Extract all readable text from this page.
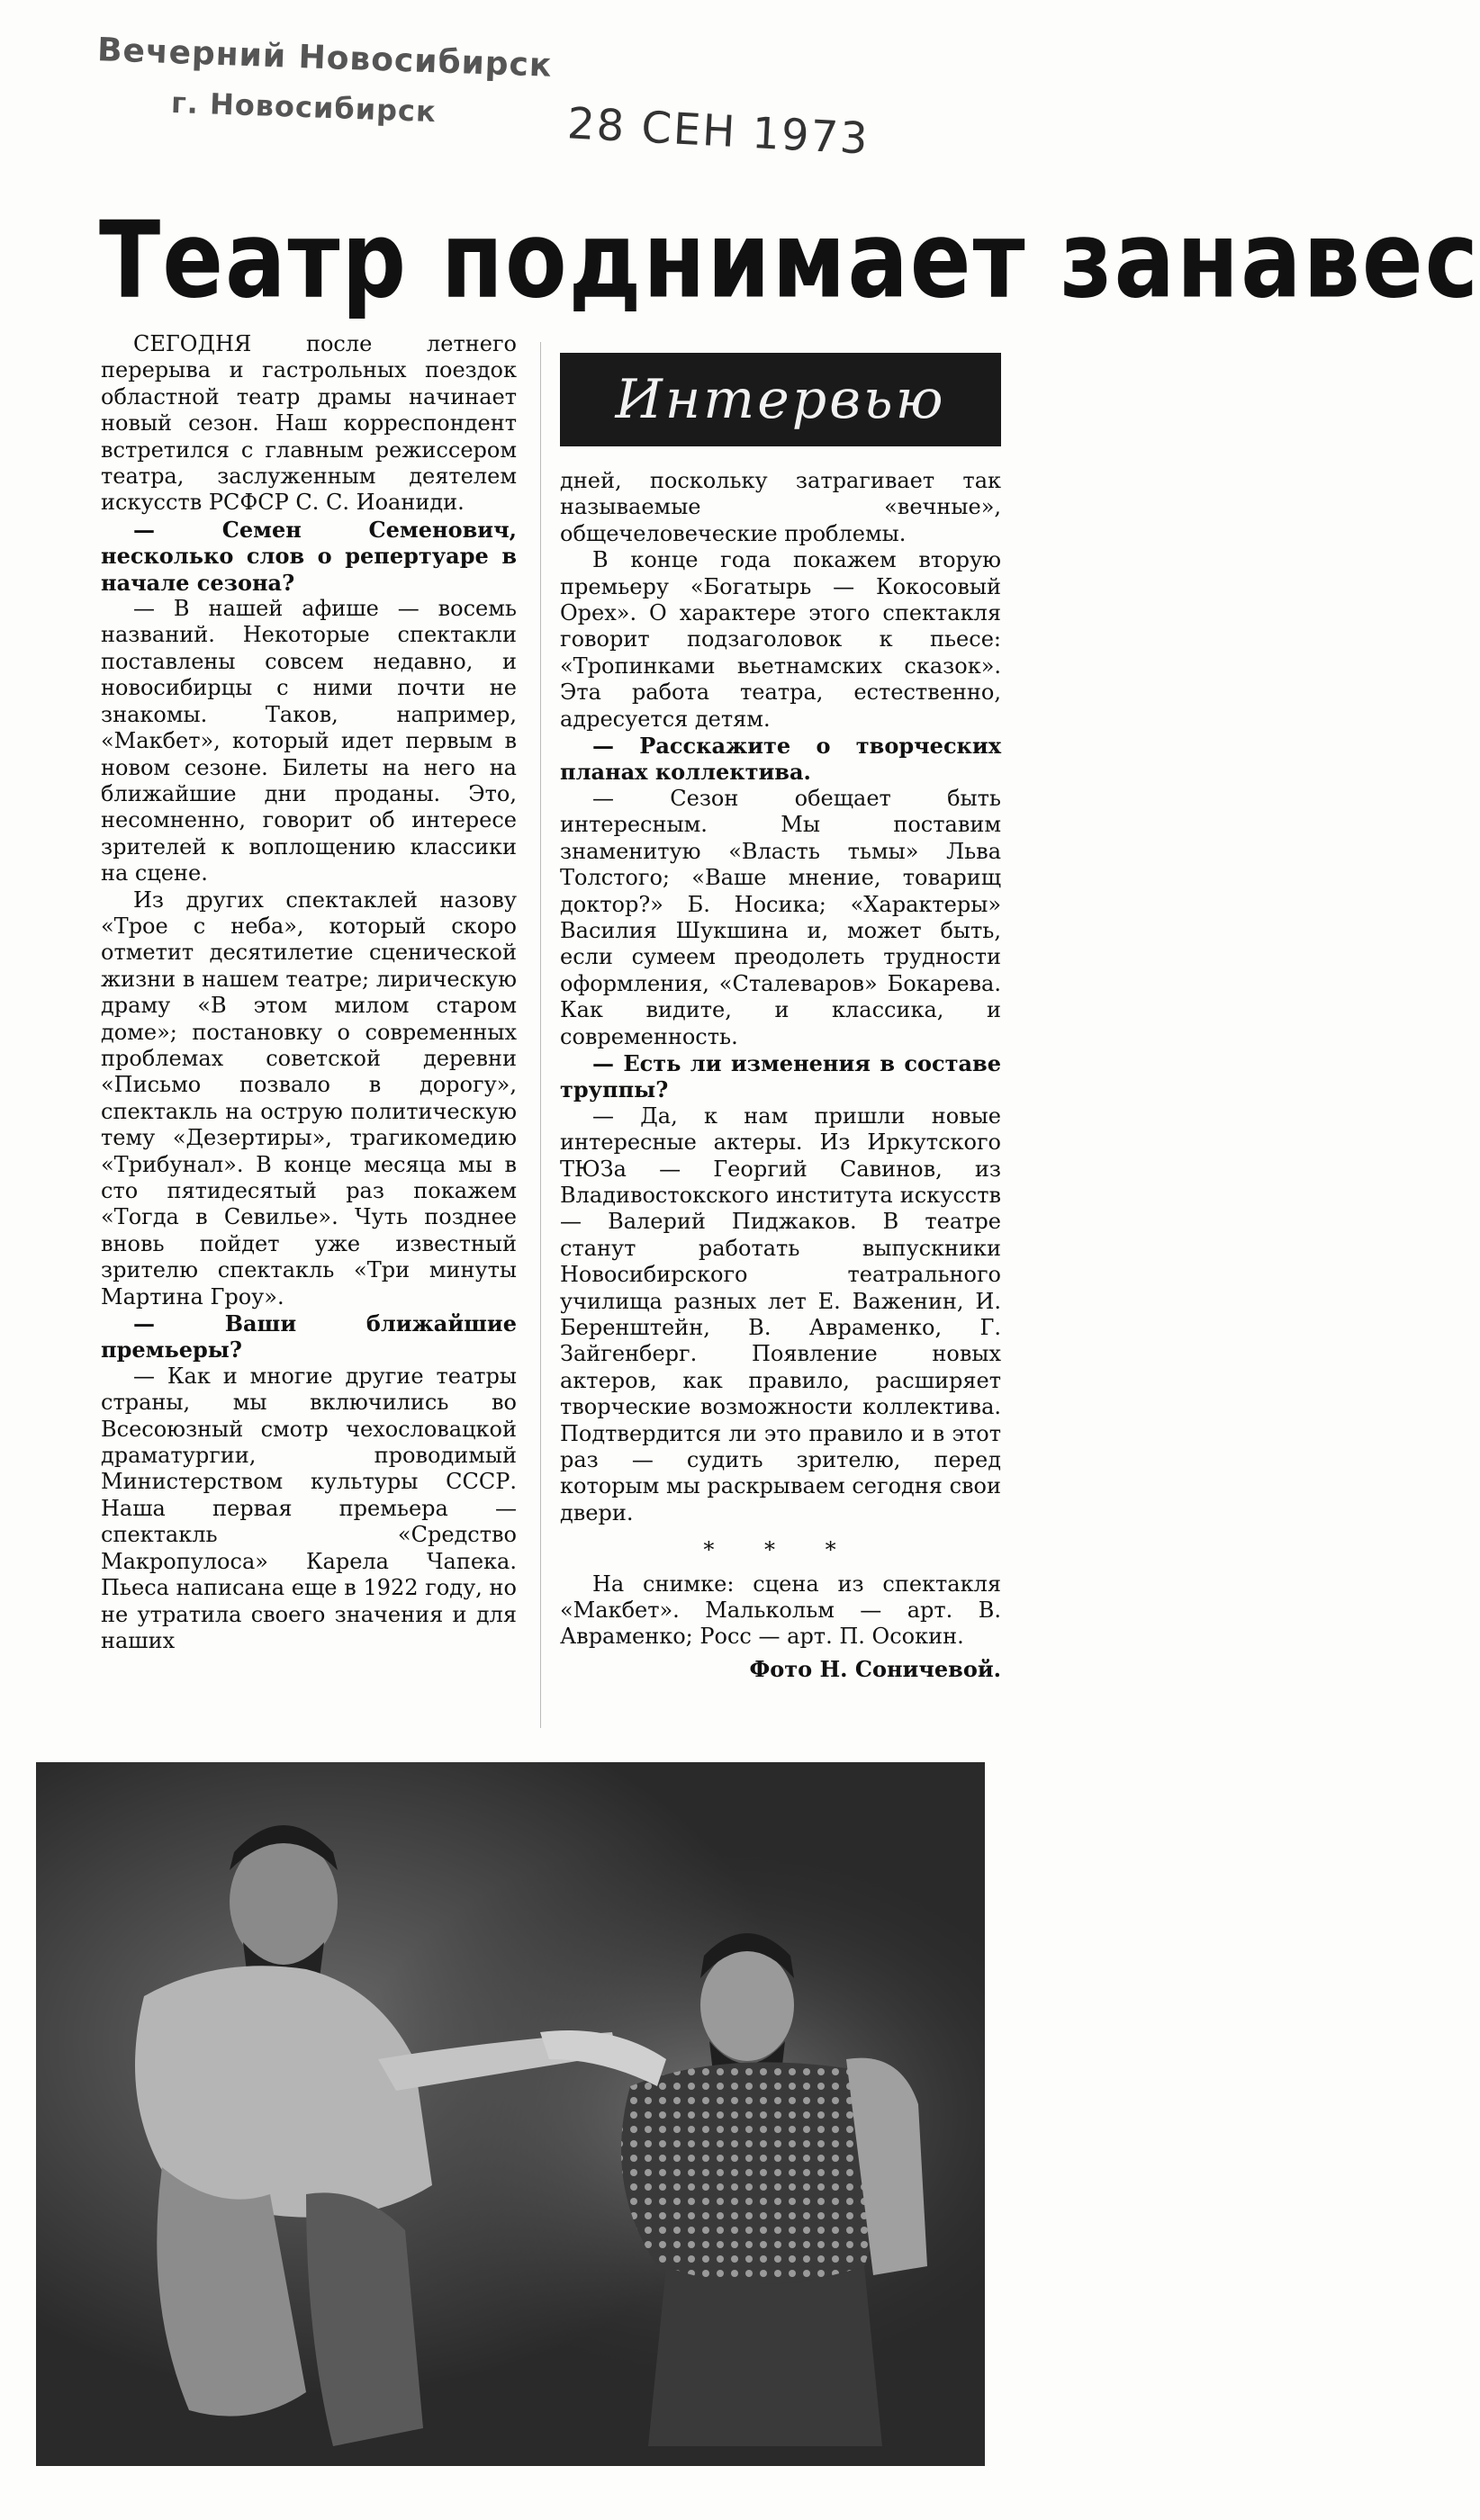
Вечерний Новосибирск
г. Новосибирск	28 СЕН 1973
Театр поднимает занавес
Интервью

СЕГОДНЯ после летнего перерыва и гастрольных поездок областной театр драмы начинает новый сезон. Наш корреспондент встретился с главным режиссером театра, заслуженным деятелем искусств РСФСР С. С. Иоаниди.

— Семен Семенович, несколько слов о репертуаре в начале сезона?

— В нашей афише — восемь названий. Некоторые спектакли поставлены совсем недавно, и новосибирцы с ними почти не знакомы. Таков, например, «Макбет», который идет первым в новом сезоне. Билеты на него на ближайшие дни проданы. Это, несомненно, говорит об интересе зрителей к воплощению классики на сцене.

Из других спектаклей назову «Трое с неба», который скоро отметит десятилетие сценической жизни в нашем театре; лирическую драму «В этом милом старом доме»; постановку о современных проблемах советской деревни «Письмо позвало в дорогу», спектакль на острую политическую тему «Дезертиры», трагикомедию «Трибунал». В конце месяца мы в сто пятидесятый раз покажем «Тогда в Севилье». Чуть позднее вновь пойдет уже известный зрителю спектакль «Три минуты Мартина Гроу».

— Ваши ближайшие премьеры?

— Как и многие другие театры страны, мы включились во Всесоюзный смотр чехословацкой драматургии, проводимый Министерством культуры СССР. Наша первая премьера — спектакль «Средство Макропулоса» Карела Чапека. Пьеса написана еще в 1922 году, но не утратила своего значения и для наших

дней, поскольку затрагивает так называемые «вечные», общечеловеческие проблемы.

В конце года покажем вторую премьеру «Богатырь — Кокосовый Орех». О характере этого спектакля говорит подзаголовок к пьесе: «Тропинками вьетнамских сказок». Эта работа театра, естественно, адресуется детям.

— Расскажите о творческих планах коллектива.

— Сезон обещает быть интересным. Мы поставим знаменитую «Власть тьмы» Льва Толстого; «Ваше мнение, товарищ доктор?» Б. Носика; «Характеры» Василия Шукшина и, может быть, если сумеем преодолеть трудности оформления, «Сталеваров» Бокарева. Как видите, и классика, и современность.

— Есть ли изменения в составе труппы?

— Да, к нам пришли новые интересные актеры. Из Иркутского ТЮЗа — Георгий Савинов, из Владивостокского института искусств — Валерий Пиджаков. В театре станут работать выпускники Новосибирского театрального училища разных лет Е. Важенин, И. Беренштейн, В. Авраменко, Г. Зайгенберг. Появление новых актеров, как правило, расширяет творческие возможности коллектива. Подтвердится ли это правило и в этот раз — судить зрителю, перед которым мы раскрываем сегодня свои двери.

* * *

На снимке: сцена из спектакля «Макбет». Малькольм — арт. В. Авраменко; Росс — арт. П. Осокин.

Фото Н. Соничевой.
